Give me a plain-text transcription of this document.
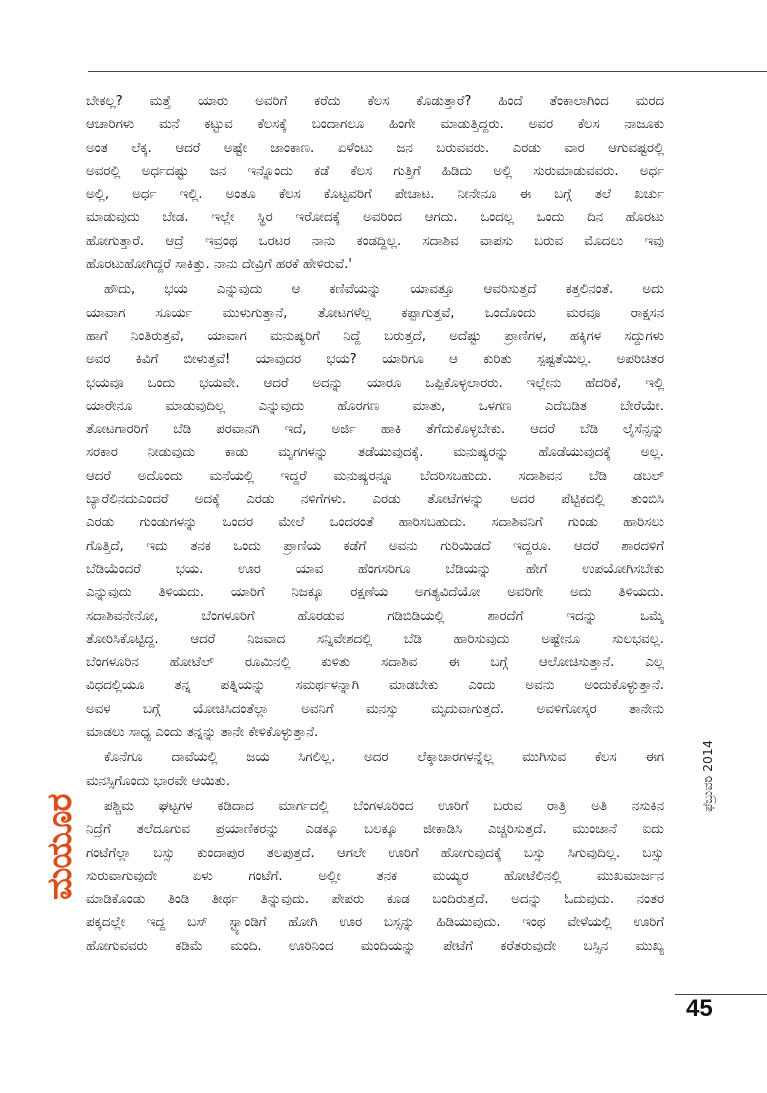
ಬೇಕಲ್ಲ? ಮತ್ತೆ ಯಾರು ಅವರಿಗೆ ಕರೆದು ಕೆಲಸ ಕೊಡುತ್ತಾರೆ? ಹಿಂದೆ ತೆಂಕಾಲಾಗಿಂದ ಮರದ
ಆಚಾರಿಗಳು ಮನೆ ಕಟ್ಟುವ ಕೆಲಸಕ್ಕೆ ಬಂದಾಗಲೂ ಹಿಂಗೇ ಮಾಡುತ್ತಿದ್ದರು. ಅವರ ಕೆಲಸ ನಾಜೂಕು
ಅಂತ ಲೆಕ್ಕ. ಆದರೆ ಅಷ್ಟೇ ಜಾಂಕಾಣ. ಏಳೆಂಟು ಜನ ಬರುವವರು. ಎರಡು ವಾರ ಆಗುವಷ್ಟರಲ್ಲಿ
ಅವರಲ್ಲಿ ಅರ್ಧದಷ್ಟು ಜನ ಇನ್ನೊಂದು ಕಡೆ ಕೆಲಸ ಗುತ್ತಿಗೆ ಹಿಡಿದು ಅಲ್ಲಿ ಸುರುಮಾಡುವವರು. ಅರ್ಧ
ಅಲ್ಲಿ, ಅರ್ಧ ಇಲ್ಲಿ. ಅಂತೂ ಕೆಲಸ ಕೊಟ್ಟವರಿಗೆ ಪೇಚಾಟ. ನೀನೇನೂ ಈ ಬಗ್ಗೆ ತಲೆ ಖರ್ಚು
ಮಾಡುವುದು ಬೇಡ. ಇಲ್ಲೇ ಸ್ಥಿರ ಇರೋದಕ್ಕೆ ಅವರಿಂದ ಆಗದು. ಒಂದಲ್ಲ ಒಂದು ದಿನ ಹೊರಟು
ಹೋಗುತ್ತಾರೆ. ಆದ್ರೆ ಇವ್ರಂಥ ಒರಟರ ನಾನು ಕಂಡದ್ದಿಲ್ಲ. ಸದಾಶಿವ ವಾಪಸು ಬರುವ ಮೊದಲು ಇವು
ಹೊರಟುಹೋಗಿದ್ದರೆ ಸಾಕಿತ್ತು. ನಾನು ದೇವ್ರಿಗೆ ಹರಕೆ ಹೇಳಿರುವೆ.'

ಹೌದು, ಭಯ ಎನ್ನುವುದು ಆ ಕಣಿವೆಯನ್ನು ಯಾವತ್ತೂ ಆವರಿಸುತ್ತದೆ ಕತ್ತಲಿನಂತೆ. ಅದು
ಯಾವಾಗ ಸೂರ್ಯ ಮುಳುಗುತ್ತಾನೆ, ತೋಟಗಳೆಲ್ಲ ಕಪ್ಪಾಗುತ್ತವೆ, ಒಂದೊಂದು ಮರವೂ ರಾಕ್ಷಸನ
ಹಾಗೆ ನಿಂತಿರುತ್ತವೆ, ಯಾವಾಗ ಮನುಷ್ಯರಿಗೆ ನಿದ್ದೆ ಬರುತ್ತದೆ, ಅದೆಷ್ಟು ಪ್ರಾಣಿಗಳ, ಹಕ್ಕಿಗಳ ಸದ್ದುಗಳು
ಅವರ ಕಿವಿಗೆ ಬೀಳುತ್ತವೆ! ಯಾವುದರ ಭಯ? ಯಾರಿಗೂ ಆ ಕುರಿತು ಸ್ಪಷ್ಟತೆಯಿಲ್ಲ. ಅಪರಿಚಿತರ
ಭಯವೂ ಒಂದು ಭಯವೇ. ಆದರೆ ಅದನ್ನು ಯಾರೂ ಒಪ್ಪಿಕೊಳ್ಳಲಾರರು. ಇಲ್ಲೇನು ಹೆದರಿಕೆ, ಇಲ್ಲಿ
ಯಾರೇನೂ ಮಾಡುವುದಿಲ್ಲ ಎನ್ನುವುದು ಹೊರಗಣ ಮಾತು, ಒಳಗಣ ಎದೆಬಡಿತ ಬೇರೆಯೇ.
ತೋಟಗಾರರಿಗೆ ಬೆಡಿ ಪರವಾನಗಿ ಇದೆ, ಅರ್ಜಿ ಹಾಕಿ ತೆಗೆದುಕೊಳ್ಳಬೇಕು. ಆದರೆ ಬೆಡಿ ಲೈಸೆನ್ಸನ್ನು
ಸರಕಾರ ನೀಡುವುದು ಕಾಡು ಮೃಗಗಳನ್ನು ತಡೆಯುವುದಕ್ಕೆ. ಮನುಷ್ಯರನ್ನು ಹೊಡೆಯುವುದಕ್ಕೆ ಅಲ್ಲ.
ಆದರೆ ಅದೊಂದು ಮನೆಯಲ್ಲಿ ಇದ್ದರೆ ಮನುಷ್ಯರನ್ನೂ ಬೆದರಿಸಬಹುದು. ಸದಾಶಿವನ ಬೆಡಿ ಡಬಲ್
ಬ್ಯಾರೆಲಿನದುಎಂದರೆ ಅದಕ್ಕೆ ಎರಡು ನಳಿಗೆಗಳು. ಎರಡು ತೋಟೆಗಳನ್ನು ಅದರ ಪೆಟ್ಟಿಕದಲ್ಲಿ ತುಂಬಿಸಿ
ಎರಡು ಗುಂಡುಗಳನ್ನು ಒಂದರ ಮೇಲೆ ಒಂದರಂತೆ ಹಾರಿಸಬಹುದು. ಸದಾಶಿವನಿಗೆ ಗುಂಡು ಹಾರಿಸಲು
ಗೊತ್ತಿದೆ, ಇದು ತನಕ ಒಂದು ಪ್ರಾಣಿಯ ಕಡೆಗೆ ಅವನು ಗುರಿಯಿಡದೆ ಇದ್ದರೂ. ಆದರೆ ಶಾರದಳಿಗೆ
ಬೆಡಿಯೆಂದರೆ ಭಯ. ಊರ ಯಾವ ಹೆಂಗಸರಿಗೂ ಬೆಡಿಯನ್ನು ಹೇಗೆ ಉಪಯೋಗಿಸಬೇಕು
ಎನ್ನುವುದು ತಿಳಿಯದು. ಯಾರಿಗೆ ನಿಜಕ್ಕೂ ರಕ್ಷಣೆಯ ಅಗತ್ಯವಿದೆಯೋ ಅವರಿಗೇ ಅದು ತಿಳಿಯದು.
ಸದಾಶಿವನೇನೋ, ಬೆಂಗಳೂರಿಗೆ ಹೊರಡುವ ಗಡಿಬಿಡಿಯಲ್ಲಿ ಶಾರದೆಗೆ ಇದನ್ನು ಒಮ್ಮೆ
ತೋರಿಸಿಕೊಟ್ಟಿದ್ದ. ಆದರೆ ನಿಜವಾದ ಸನ್ನಿವೇಶದಲ್ಲಿ ಬೆಡಿ ಹಾರಿಸುವುದು ಅಷ್ಟೇನೂ ಸುಲಭವಲ್ಲ.
ಬೆಂಗಳೂರಿನ ಹೋಟೆಲ್ ರೂಮಿನಲ್ಲಿ ಕುಳಿತು ಸದಾಶಿವ ಈ ಬಗ್ಗೆ ಆಲೋಚಿಸುತ್ತಾನೆ. ಎಲ್ಲ
ವಿಧದಲ್ಲಿಯೂ ತನ್ನ ಪತ್ನಿಯನ್ನು ಸಮರ್ಥಳನ್ನಾಗಿ ಮಾಡಬೇಕು ಎಂದು ಅವನು ಅಂದುಕೊಳ್ಳುತ್ತಾನೆ.
ಅವಳ ಬಗ್ಗೆ ಯೋಚಿಸಿದಂತೆಲ್ಲಾ ಅವನಿಗೆ ಮನಸ್ಸು ಮೃದುವಾಗುತ್ತದೆ. ಅವಳಿಗೋಸ್ಕರ ತಾನೇನು
ಮಾಡಲು ಸಾಧ್ಯ ಎಂದು ತನ್ನನ್ನು ತಾನೇ ಕೇಳಿಕೊಳ್ಳುತ್ತಾನೆ.

ಕೊನೆಗೂ ದಾವೆಯಲ್ಲಿ ಜಯ ಸಿಗಲಿಲ್ಲ. ಅದರ ಲೆಕ್ಕಾಚಾರಗಳನ್ನೆಲ್ಲ ಮುಗಿಸುವ ಕೆಲಸ ಈಗ
ಮನಸ್ಸಿಗೊಂದು ಭಾರವೇ ಆಯಿತು.

ಪಶ್ಚಿಮ ಘಟ್ಟಗಳ ಕಡಿದಾದ ಮಾರ್ಗದಲ್ಲಿ ಬೆಂಗಳೂರಿಂದ ಊರಿಗೆ ಬರುವ ರಾತ್ರಿ ಅತಿ ನಸುಕಿನ
ನಿದ್ರೆಗೆ ತಲೆದೂಗುವ ಪ್ರಯಾಣಿಕರನ್ನು ಎಡಕ್ಕೂ ಬಲಕ್ಕೂ ಜೀಕಾಡಿಸಿ ಎಚ್ಚರಿಸುತ್ತದೆ. ಮುಂಜಾನೆ ಐದು
ಗಂಟೆಗೆಲ್ಲಾ ಬಸ್ಸು ಕುಂದಾಪುರ ತಲಪುತ್ತದೆ. ಆಗಲೇ ಊರಿಗೆ ಹೋಗುವುದಕ್ಕೆ ಬಸ್ಸು ಸಿಗುವುದಿಲ್ಲ. ಬಸ್ಸು
ಸುರುವಾಗುವುದೇ ಏಳು ಗಂಟೆಗೆ. ಅಲ್ಲೀ ತನಕ ಮಯ್ಯರ ಹೋಟೆಲಿನಲ್ಲಿ ಮುಖಮಾರ್ಜನ
ಮಾಡಿಕೊಂಡು ತಿಂಡಿ ತೀರ್ಥ ತಿನ್ನುವುದು. ಪೇಪರು ಕೂಡ ಬಂದಿರುತ್ತದೆ. ಅದನ್ನು ಓದುವುದು. ನಂತರ
ಪಕ್ಕದಲ್ಲೇ ಇದ್ದ ಬಸ್ ಸ್ಟ್ಯಾಂಡಿಗೆ ಹೋಗಿ ಊರ ಬಸ್ಸನ್ನು ಹಿಡಿಯುವುದು. ಇಂಥ ವೇಳೆಯಲ್ಲಿ ಊರಿಗೆ
ಹೋಗುವವರು ಕಡಿಮೆ ಮಂದಿ. ಊರಿನಿಂದ ಮಂದಿಯನ್ನು ಪೇಟೆಗೆ ಕರೆತರುವುದೇ ಬಸ್ಸಿನ ಮುಖ್ಯ

ಮಯೂರ
ಫೆಬ್ರುವರಿ 2014
45
